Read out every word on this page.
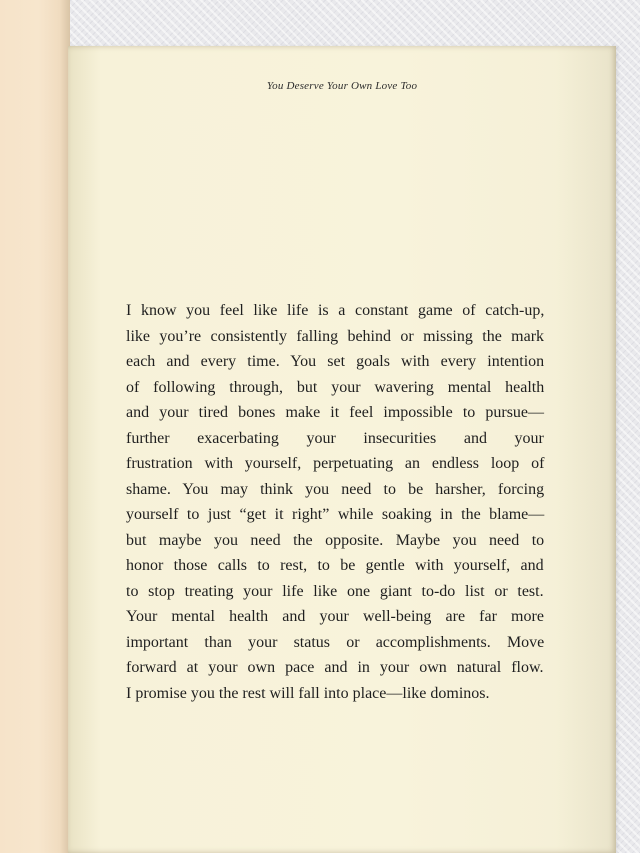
You Deserve Your Own Love Too
I know you feel like life is a constant game of catch-up,
like you’re consistently falling behind or missing the mark
each and every time. You set goals with every intention
of following through, but your wavering mental health
and your tired bones make it feel impossible to pursue—
further exacerbating your insecurities and your
frustration with yourself, perpetuating an endless loop of
shame. You may think you need to be harsher, forcing
yourself to just “get it right” while soaking in the blame—
but maybe you need the opposite. Maybe you need to
honor those calls to rest, to be gentle with yourself, and
to stop treating your life like one giant to-do list or test.
Your mental health and your well-being are far more
important than your status or accomplishments. Move
forward at your own pace and in your own natural flow.
I promise you the rest will fall into place—like dominos.
